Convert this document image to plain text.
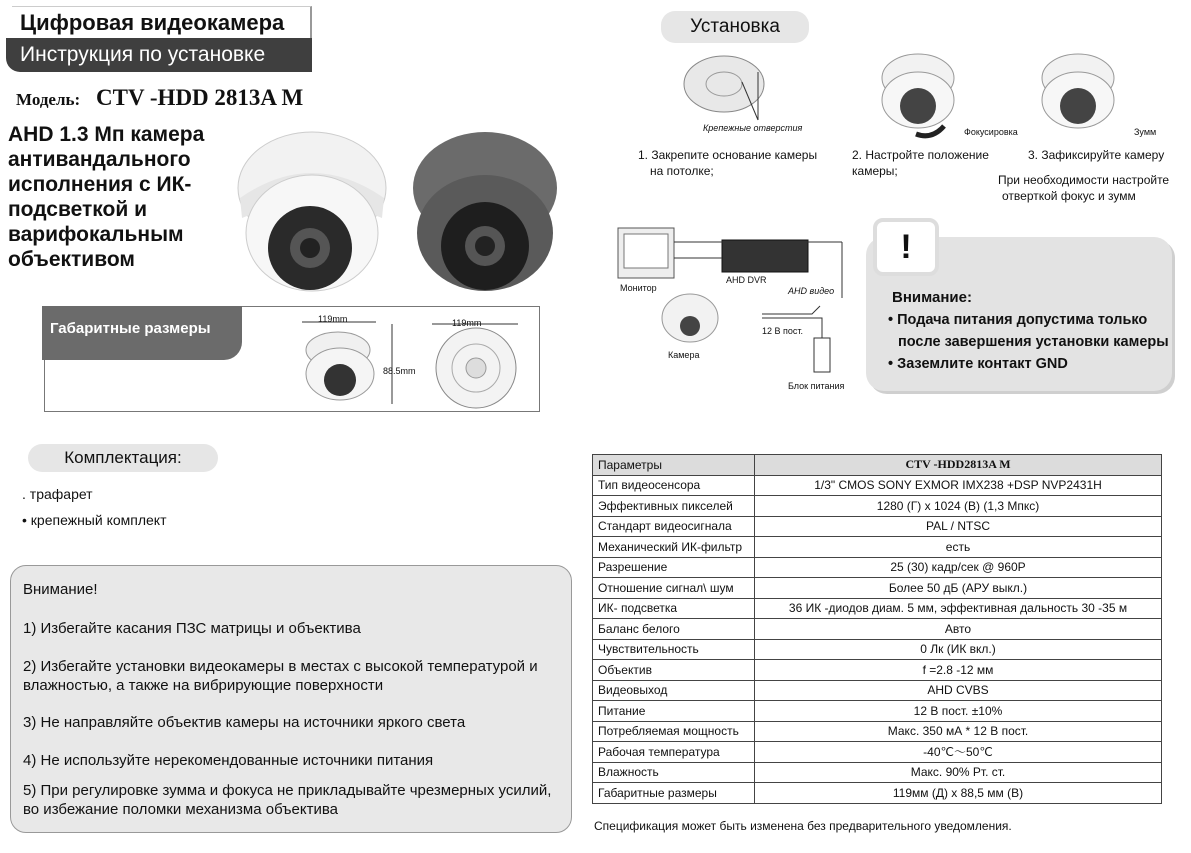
Цифровая видеокамера
Инструкция по установке
Модель: CTV -HDD 2813A M
AHD 1.3 Мп камера
антивандального
исполнения с ИК-
подсветкой и
варифокальным
объективом
Габаритные размеры
119mm
88.5mm
119mm
Установка
Крепежные отверстия
1. Закрепите основание камеры
на потолке;
2. Настройте положение
камеры;
Фокусировка	Зумм
3. Зафиксируйте камеру
При необходимости настройте
отверткой фокус и зумм
Монитор
AHD DVR
AHD видео
12 В пост.
Камера
Блок питания
!
Внимание:
• Подача питания допустима только
после завершения установки камеры
• Заземлите контакт GND
Комплектация:
. трафарет
• крепежный комплект

Внимание!

1) Избегайте касания ПЗС матрицы и объектива

2) Избегайте установки видеокамеры в местах с высокой температурой и влажностью, а также на вибрирующие поверхности

3) Не направляйте объектив камеры на источники яркого света

4) Не используйте нерекомендованные источники питания

5) При регулировке зумма и фокуса не прикладывайте чрезмерных усилий, во избежание поломки механизма объектива

Параметры	CTV -HDD2813A M
Тип видеосенсора	1/3" CMOS SONY EXMOR IMX238 +DSP NVP2431H
Эффективных пикселей	1280 (Г) x 1024 (В) (1,3 Мпкс)
Стандарт видеосигнала	PAL / NTSC
Механический ИК-фильтр	есть
Разрешение	25 (30) кадр/сек @ 960P
Отношение сигнал\ шум	Более 50 дБ (АРУ выкл.)
ИК- подсветка	36 ИК -диодов диам. 5 мм, эффективная дальность 30 -35 м
Баланс белого	Авто
Чувствительность	0 Лк (ИК вкл.)
Объектив	f =2.8 -12 мм
Видеовыход	AHD CVBS
Питание	12 В пост. ±10%
Потребляемая мощность	Макс. 350 мА * 12 В пост.
Рабочая температура	-40℃～50℃
Влажность	Макс. 90% Рт. ст.
Габаритные размеры	119мм (Д) x 88,5 мм (В)
Спецификация может быть изменена без предварительного уведомления.
